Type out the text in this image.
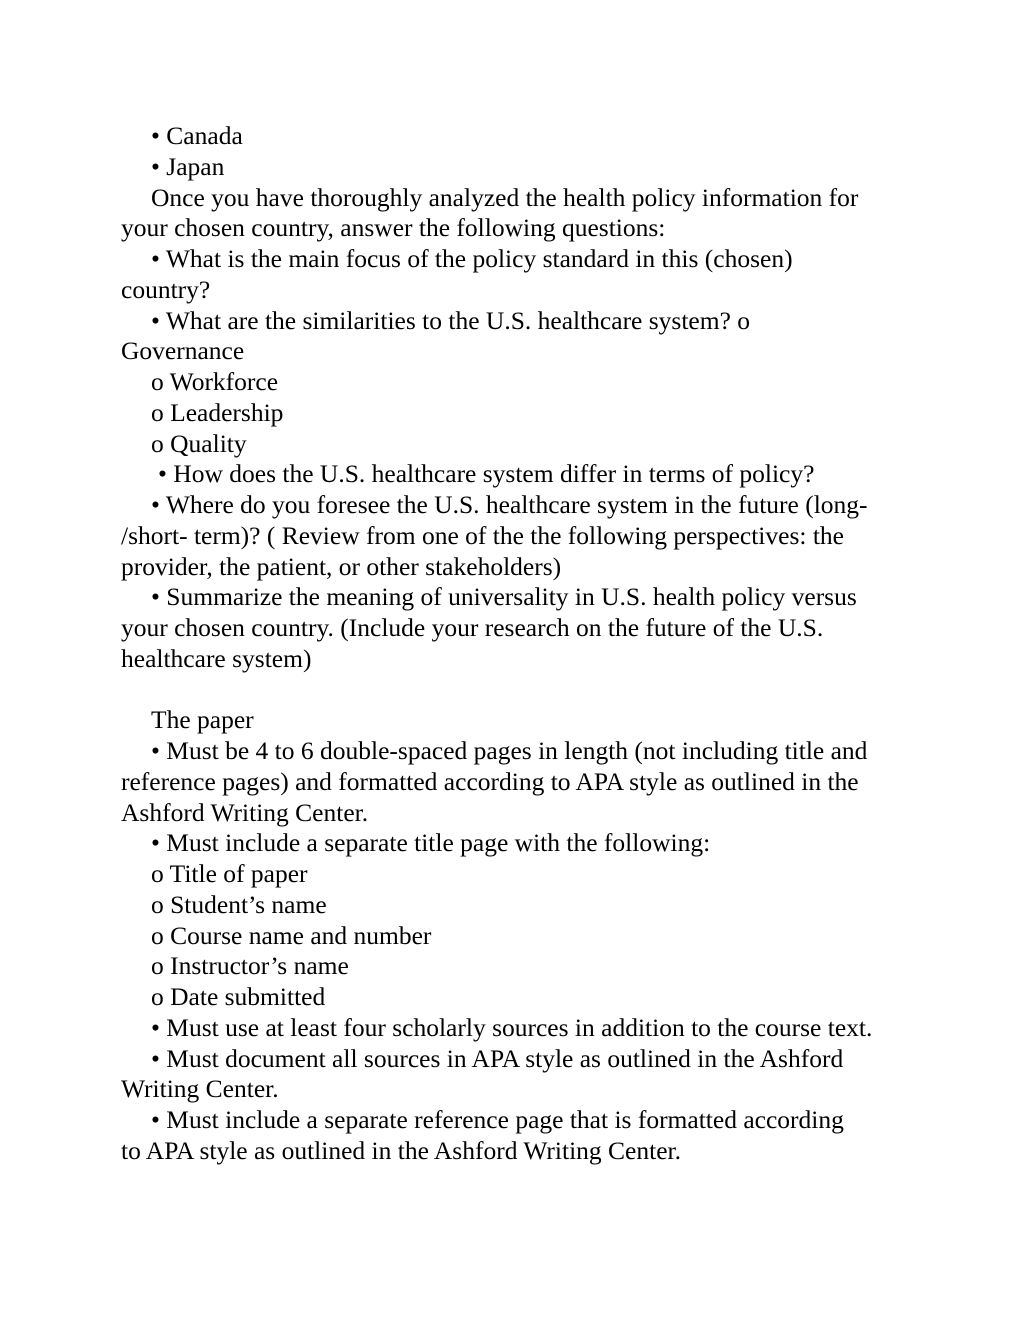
• Canada
• Japan
Once you have thoroughly analyzed the health policy information for
your chosen country, answer the following questions:
• What is the main focus of the policy standard in this (chosen)
country?
• What are the similarities to the U.S. healthcare system? o
Governance
o Workforce
o Leadership
o Quality
• How does the U.S. healthcare system differ in terms of policy?
• Where do you foresee the U.S. healthcare system in the future (long-
/short- term)? ( Review from one of the the following perspectives: the
provider, the patient, or other stakeholders)
• Summarize the meaning of universality in U.S. health policy versus
your chosen country. (Include your research on the future of the U.S.
healthcare system)
The paper
• Must be 4 to 6 double-spaced pages in length (not including title and
reference pages) and formatted according to APA style as outlined in the
Ashford Writing Center.
• Must include a separate title page with the following:
o Title of paper
o Student’s name
o Course name and number
o Instructor’s name
o Date submitted
• Must use at least four scholarly sources in addition to the course text.
• Must document all sources in APA style as outlined in the Ashford
Writing Center.
• Must include a separate reference page that is formatted according
to APA style as outlined in the Ashford Writing Center.
